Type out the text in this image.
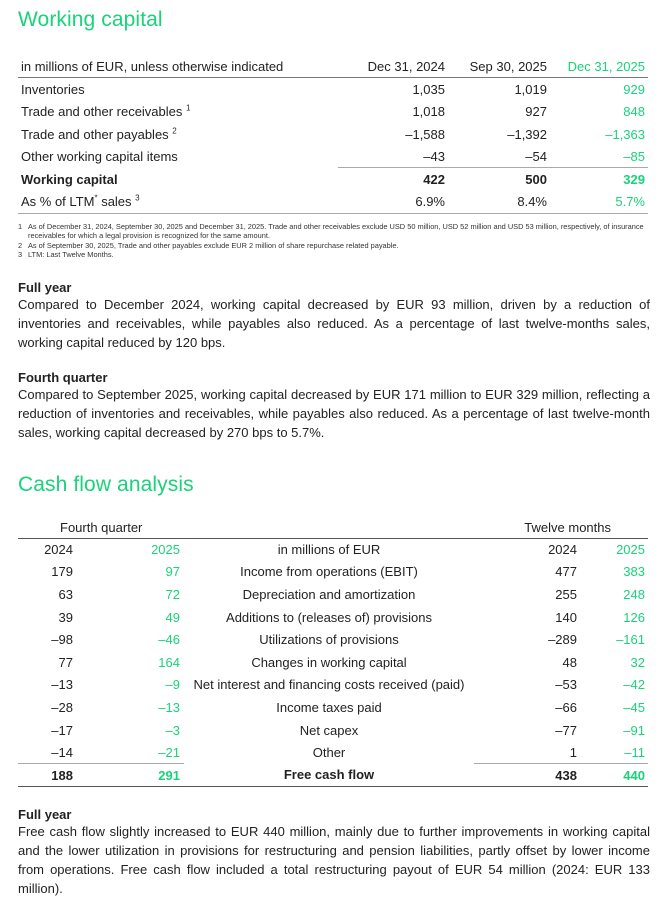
Working capital
in millions of EUR, unless otherwise indicated	Dec 31, 2024	Sep 30, 2025	Dec 31, 2025
Inventories	1,035	1,019	929
Trade and other receivables $^1$	1,018	927	848
Trade and other payables $^2$	–1,588	–1,392	–1,363
Other working capital items	–43	–54	–85
Working capital	422	500	329
As % of LTM* sales $^3$	6.9%	8.4%	5.7%
1 As of December 31, 2024, September 30, 2025 and December 31, 2025. Trade and other receivables exclude USD 50 million, USD 52 million and USD 53 million, respectively, of insurance receivables for which a legal provision is recognized for the same amount.
2 As of September 30, 2025, Trade and other payables exclude EUR 2 million of share repurchase related payable.
3 LTM: Last Twelve Months.
Full year

Compared to December 2024, working capital decreased by EUR 93 million, driven by a reduction of inventories and receivables, while payables also reduced. As a percentage of last twelve-months sales, working capital reduced by 120 bps.

Fourth quarter

Compared to September 2025, working capital decreased by EUR 171 million to EUR 329 million, reflecting a reduction of inventories and receivables, while payables also reduced. As a percentage of last twelve-month sales, working capital decreased by 270 bps to 5.7%.

Cash flow analysis
Fourth quarter			Twelve months	
2024	2025	in millions of EUR	2024	2025
179	97	Income from operations (EBIT)	477	383
63	72	Depreciation and amortization	255	248
39	49	Additions to (releases of) provisions	140	126
–98	–46	Utilizations of provisions	–289	–161
77	164	Changes in working capital	48	32
–13	–9	Net interest and financing costs received (paid)	–53	–42
–28	–13	Income taxes paid	–66	–45
–17	–3	Net capex	–77	–91
–14	–21	Other	1	–11
188	291	Free cash flow	438	440
Full year

Free cash flow slightly increased to EUR 440 million, mainly due to further improvements in working capital and the lower utilization in provisions for restructuring and pension liabilities, partly offset by lower income from operations. Free cash flow included a total restructuring payout of EUR 54 million (2024: EUR 133 million).
